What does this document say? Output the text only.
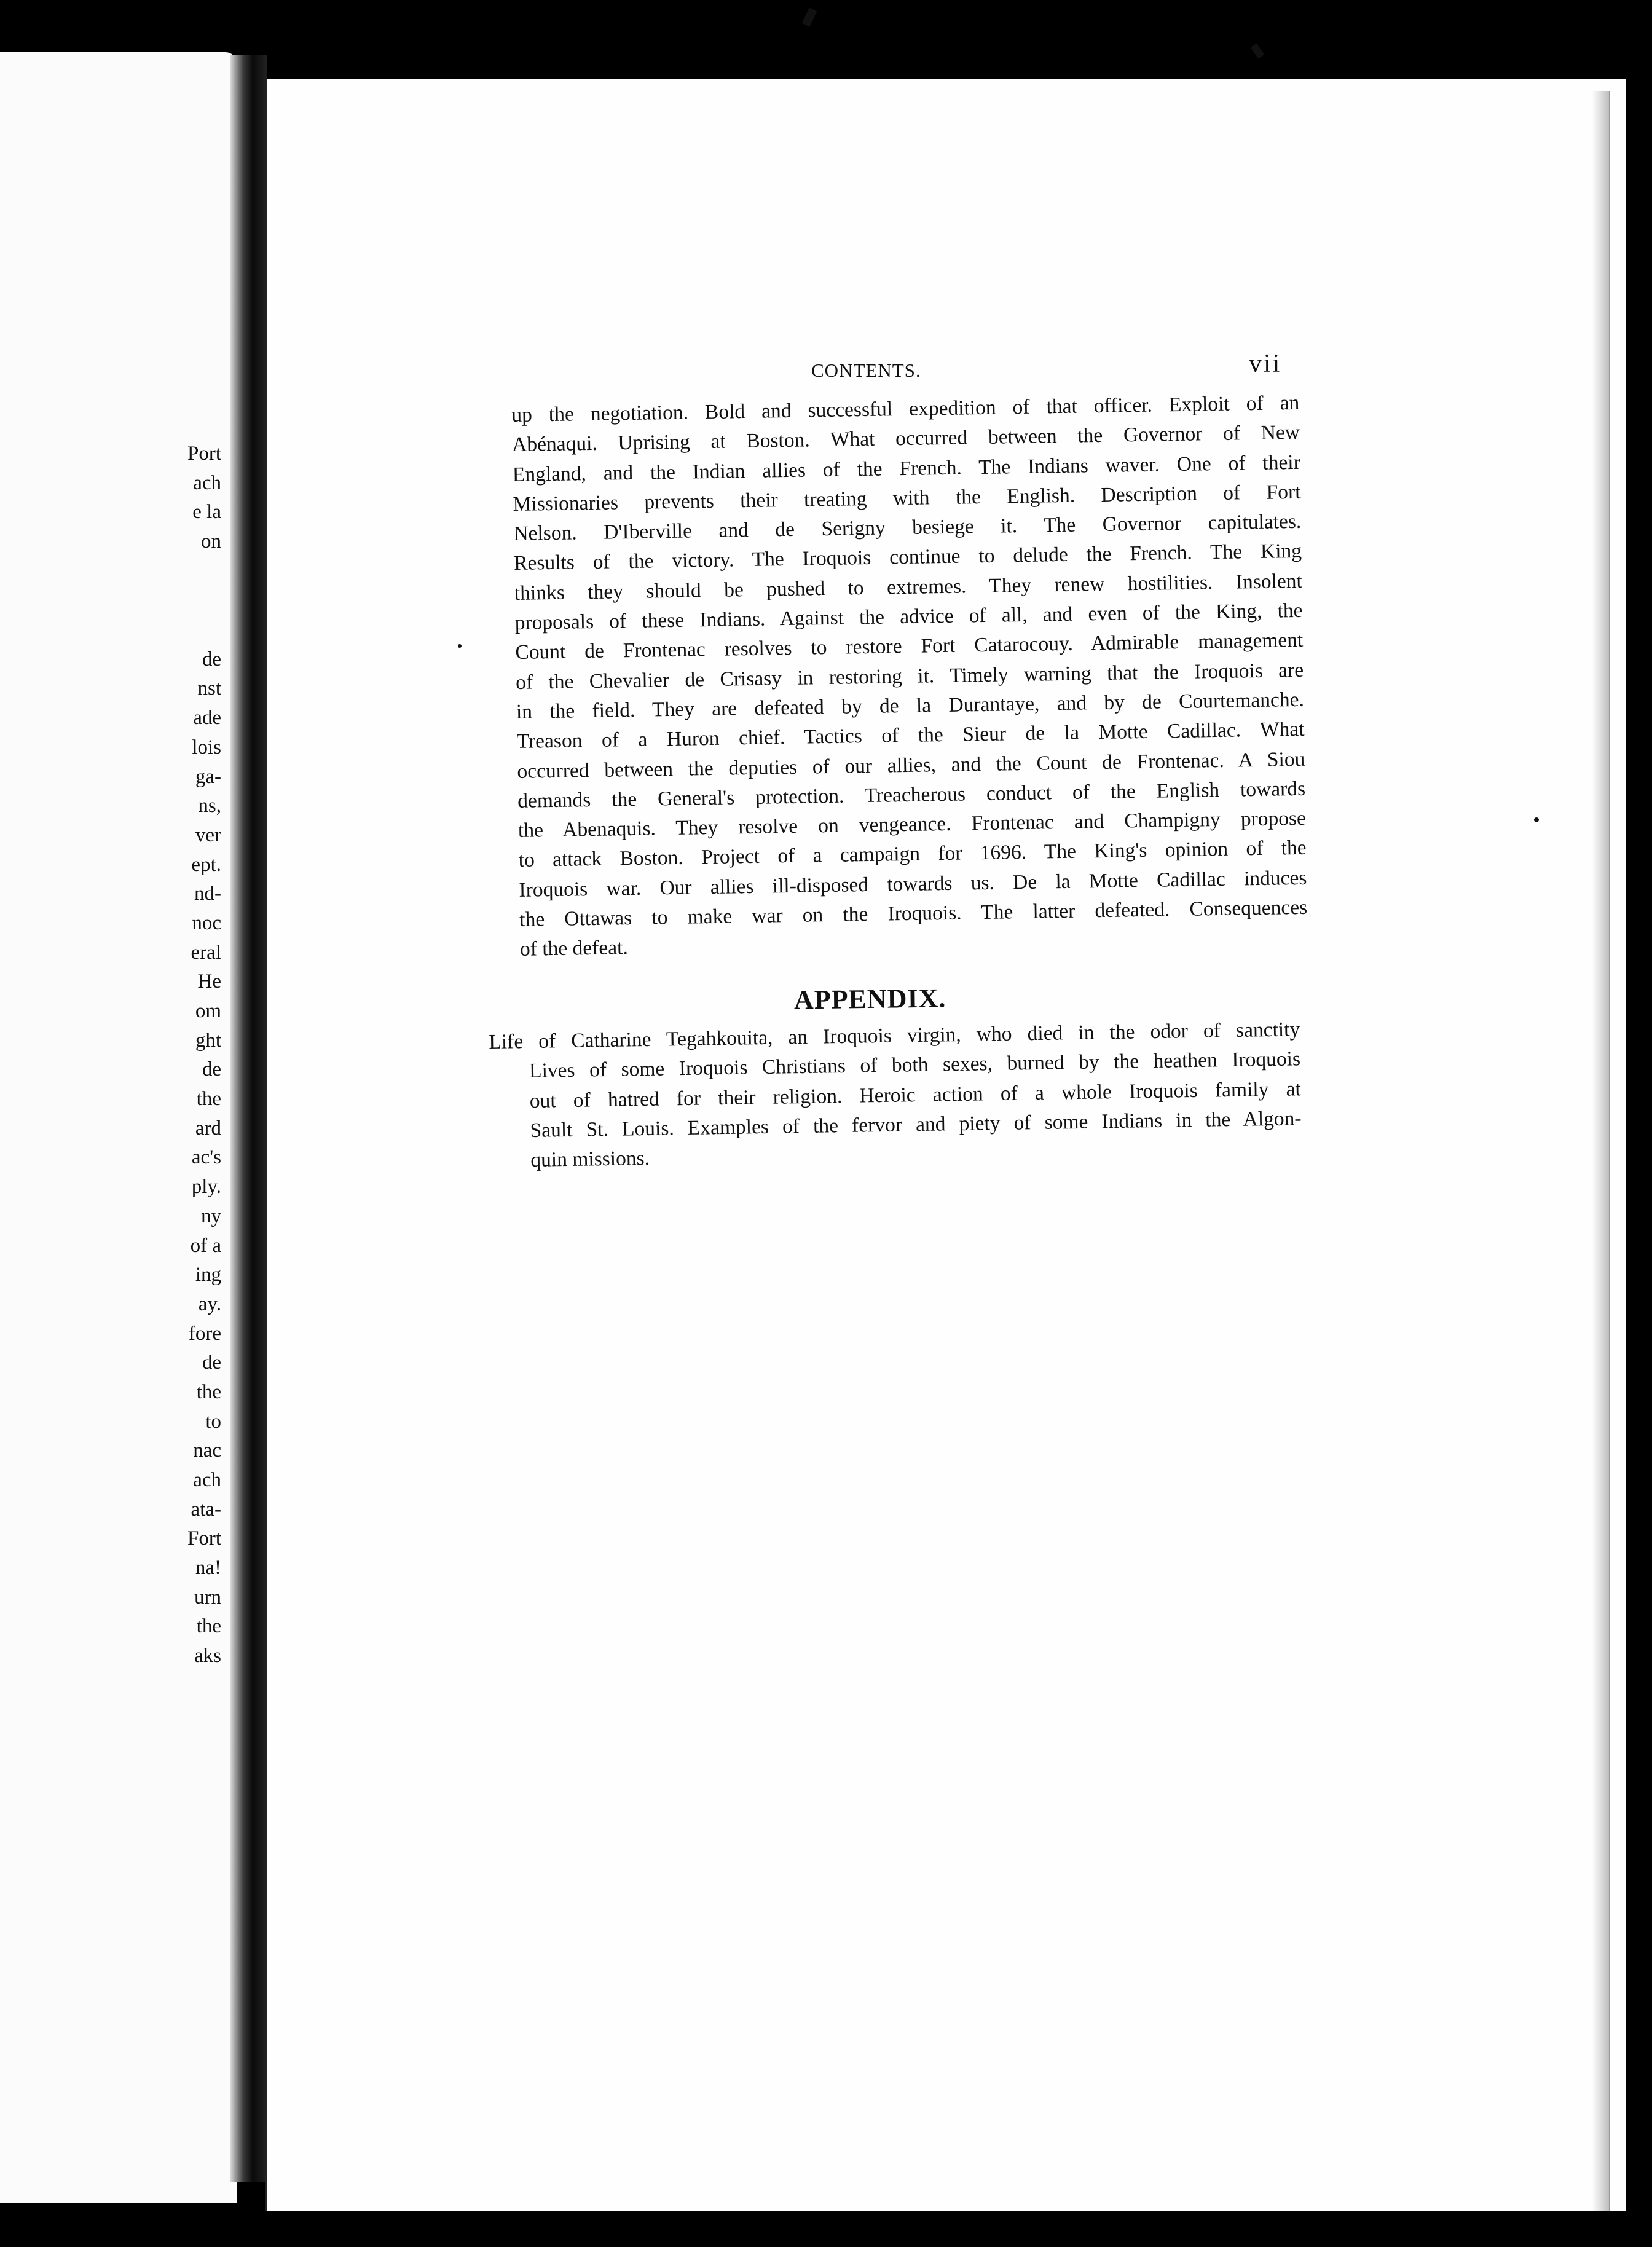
Port
ach
e la
on
de
nst
ade
lois
ga-
ns,
ver
ept.
nd-
noc
eral
He
om
ght
de
the
ard
ac's
ply.
ny
of a
ing
ay.
fore
de
the
to
nac
ach
ata-
Fort
na!
urn
the
aks
CONTENTS.	vii
up the negotiation. Bold and successful expedition of that officer. Exploit of an
Abénaqui. Uprising at Boston. What occurred between the Governor of New
England, and the Indian allies of the French. The Indians waver. One of their
Missionaries prevents their treating with the English. Description of Fort
Nelson. D'Iberville and de Serigny besiege it. The Governor capitulates.
Results of the victory. The Iroquois continue to delude the French. The King
thinks they should be pushed to extremes. They renew hostilities. Insolent
proposals of these Indians. Against the advice of all, and even of the King, the
Count de Frontenac resolves to restore Fort Catarocouy. Admirable management
of the Chevalier de Crisasy in restoring it. Timely warning that the Iroquois are
in the field. They are defeated by de la Durantaye, and by de Courtemanche.
Treason of a Huron chief. Tactics of the Sieur de la Motte Cadillac. What
occurred between the deputies of our allies, and the Count de Frontenac. A Siou
demands the General's protection. Treacherous conduct of the English towards
the Abenaquis. They resolve on vengeance. Frontenac and Champigny propose
to attack Boston. Project of a campaign for 1696. The King's opinion of the
Iroquois war. Our allies ill-disposed towards us. De la Motte Cadillac induces
the Ottawas to make war on the Iroquois. The latter defeated. Consequences
of the defeat.
APPENDIX.
Life of Catharine Tegahkouita, an Iroquois virgin, who died in the odor of sanctity
Lives of some Iroquois Christians of both sexes, burned by the heathen Iroquois
out of hatred for their religion. Heroic action of a whole Iroquois family at
Sault St. Louis. Examples of the fervor and piety of some Indians in the Algon-
quin missions.
